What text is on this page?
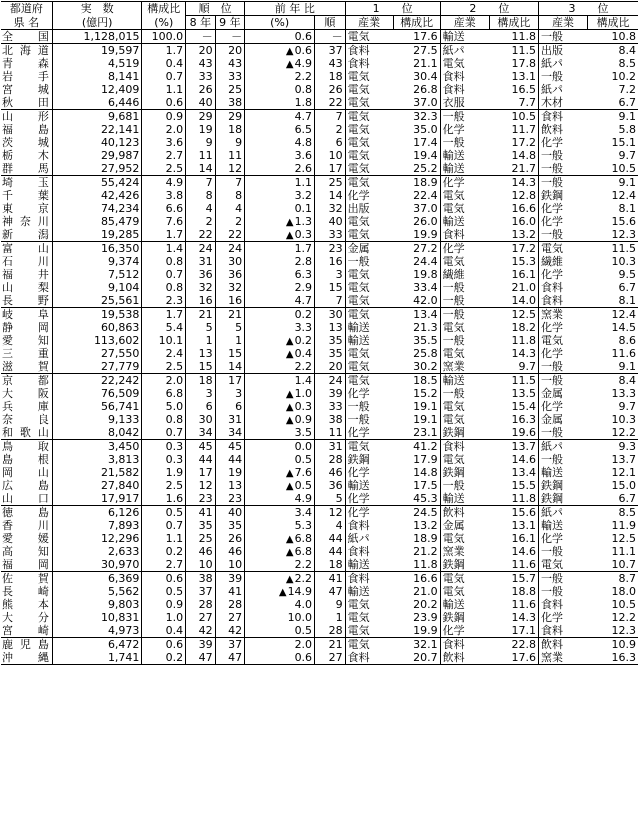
都道府	実　数	構成比	順　位		前 年 比		1　　位		2　　位		3　　位	
県 名	(億円)	(%)	8 年	9 年	(%)	順	産業	構成比	産業	構成比	産業	構成比

全　国	1,128,015	100.0	－	－	0.6	－	電気	17.6	輸送	11.8	一般	10.8
北海道	19,597	1.7	20	20	▲0.6	37	食料	27.5	紙パ	11.5	出版	8.4
青　森	4,519	0.4	43	43	▲4.9	43	食料	21.1	電気	17.8	紙パ	8.5
岩　手	8,141	0.7	33	33	2.2	18	電気	30.4	食料	13.1	一般	10.2
宮　城	12,409	1.1	26	25	0.8	26	電気	26.8	食料	16.5	紙パ	7.2
秋　田	6,446	0.6	40	38	1.8	22	電気	37.0	衣服	7.7	木材	6.7
山　形	9,681	0.9	29	29	4.7	7	電気	32.3	一般	10.5	食料	9.1
福　島	22,141	2.0	19	18	6.5	2	電気	35.0	化学	11.7	飲料	5.8
茨　城	40,123	3.6	9	9	4.8	6	電気	17.4	一般	17.2	化学	15.1
栃　木	29,987	2.7	11	11	3.6	10	電気	19.4	輸送	14.8	一般	9.7
群　馬	27,952	2.5	14	12	2.6	17	電気	25.2	輸送	21.7	一般	10.5
埼　玉	55,424	4.9	7	7	1.1	25	電気	18.9	化学	14.3	一般	9.1
千　葉	42,426	3.8	8	8	3.2	14	化学	22.4	電気	12.8	鉄鋼	12.4
東　京	74,234	6.6	4	4	0.1	32	出版	37.0	電気	16.6	化学	8.1
神奈川	85,479	7.6	2	2	▲1.3	40	電気	26.0	輸送	16.0	化学	15.6
新　潟	19,285	1.7	22	22	▲0.3	33	電気	19.9	食料	13.2	一般	12.3
富　山	16,350	1.4	24	24	1.7	23	金属	27.2	化学	17.2	電気	11.5
石　川	9,374	0.8	31	30	2.8	16	一般	24.4	電気	15.3	繊維	10.3
福　井	7,512	0.7	36	36	6.3	3	電気	19.8	繊維	16.1	化学	9.5
山　梨	9,104	0.8	32	32	2.9	15	電気	33.4	一般	21.0	食料	6.7
長　野	25,561	2.3	16	16	4.7	7	電気	42.0	一般	14.0	食料	8.1
岐　阜	19,538	1.7	21	21	0.2	30	電気	13.4	一般	12.5	窯業	12.4
静　岡	60,863	5.4	5	5	3.3	13	輸送	21.3	電気	18.2	化学	14.5
愛　知	113,602	10.1	1	1	▲0.2	35	輸送	35.5	一般	11.8	電気	8.6
三　重	27,550	2.4	13	15	▲0.4	35	電気	25.8	電気	14.3	化学	11.6
滋　賀	27,779	2.5	15	14	2.2	20	電気	30.2	窯業	9.7	一般	9.1
京　都	22,242	2.0	18	17	1.4	24	電気	18.5	輸送	11.5	一般	8.4
大　阪	76,509	6.8	3	3	▲1.0	39	化学	15.2	一般	13.5	金属	13.3
兵　庫	56,741	5.0	6	6	▲0.3	33	一般	19.1	電気	15.4	化学	9.7
奈　良	9,133	0.8	30	31	▲0.9	38	一般	19.1	電気	16.3	金属	10.3
和歌山	8,042	0.7	34	34	3.5	11	化学	23.1	鉄鋼	19.6	一般	12.2
鳥　取	3,450	0.3	45	45	0.0	31	電気	41.2	食料	13.7	紙パ	9.3
島　根	3,813	0.3	44	44	0.5	28	鉄鋼	17.9	電気	14.6	一般	13.7
岡　山	21,582	1.9	17	19	▲7.6	46	化学	14.8	鉄鋼	13.4	輸送	12.1
広　島	27,840	2.5	12	13	▲0.5	36	輸送	17.5	一般	15.5	鉄鋼	15.0
山　口	17,917	1.6	23	23	4.9	5	化学	45.3	輸送	11.8	鉄鋼	6.7
徳　島	6,126	0.5	41	40	3.4	12	化学	24.5	飲料	15.6	紙パ	8.5
香　川	7,893	0.7	35	35	5.3	4	食料	13.2	金属	13.1	輸送	11.9
愛　媛	12,296	1.1	25	26	▲6.8	44	紙パ	18.9	電気	16.1	化学	12.5
高　知	2,633	0.2	46	46	▲6.8	44	食料	21.2	窯業	14.6	一般	11.1
福　岡	30,970	2.7	10	10	2.2	18	輸送	11.8	鉄鋼	11.6	電気	10.7
佐　賀	6,369	0.6	38	39	▲2.2	41	食料	16.6	電気	15.7	一般	8.7
長　崎	5,562	0.5	37	41	▲14.9	47	輸送	21.0	電気	18.8	一般	18.0
熊　本	9,803	0.9	28	28	4.0	9	電気	20.2	輸送	11.6	食料	10.5
大　分	10,831	1.0	27	27	10.0	1	電気	23.9	鉄鋼	14.3	化学	12.2
宮　崎	4,973	0.4	42	42	0.5	28	電気	19.9	化学	17.1	食料	12.3
鹿児島	6,472	0.6	39	37	2.0	21	電気	32.1	食料	22.8	飲料	10.9
沖　縄	1,741	0.2	47	47	0.6	27	食料	20.7	飲料	17.6	窯業	16.3
